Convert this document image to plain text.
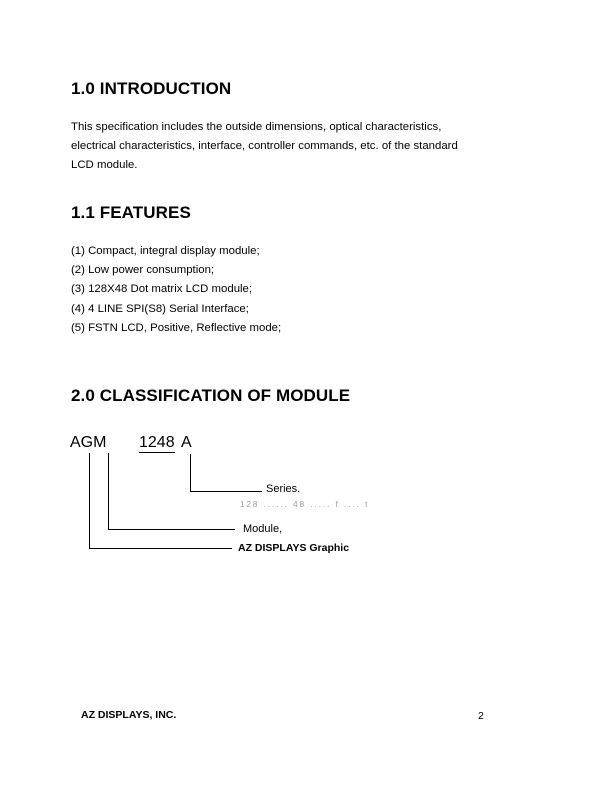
1.0 INTRODUCTION
This specification includes the outside dimensions, optical characteristics,
electrical characteristics, interface, controller commands, etc. of the standard
LCD module.
1.1 FEATURES
(1) Compact, integral display module;
(2) Low power consumption;
(3) 128X48 Dot matrix LCD module;
(4) 4 LINE SPI(S8) Serial Interface;
(5) FSTN LCD, Positive, Reflective mode;
2.0 CLASSIFICATION OF MODULE
AGM 1248 A
Series.
128 ...... 48 ..... f .... t
Module,
AZ DISPLAYS Graphic
AZ DISPLAYS, INC.	2
